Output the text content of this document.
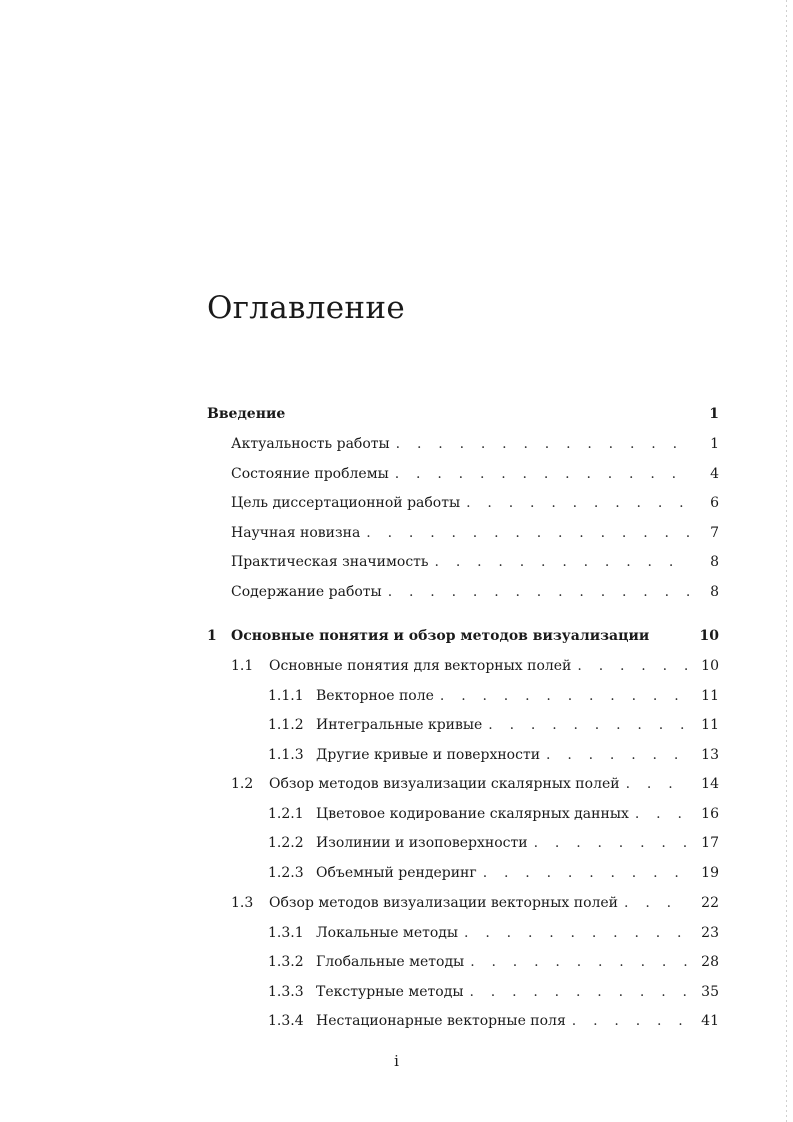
Оглавление
Введение	1
Актуальность работы . . .	1
Состояние проблемы . . .	4
Цель диссертационной работы . . .	6
Научная новизна . . .	7
Практическая значимость . . .	8
Содержание работы . . .	8
1	Основные понятия и обзор методов визуализации	10
1.1	Основные понятия для векторных полей . . .	10
1.1.1 Векторное поле . . .	11
1.1.2 Интегральные кривые . . .	11
1.1.3 Другие кривые и поверхности . . .	13
1.2	Обзор методов визуализации скалярных полей . . .	14
1.2.1 Цветовое кодирование скалярных данных . . .	16
1.2.2 Изолинии и изоповерхности . . .	17
1.2.3 Объемный рендеринг . . .	19
1.3	Обзор методов визуализации векторных полей . . .	22
1.3.1 Локальные методы . . .	23
1.3.2 Глобальные методы . . .	28
1.3.3 Текстурные методы . . .	35
1.3.4 Нестационарные векторные поля . . .	41
i
